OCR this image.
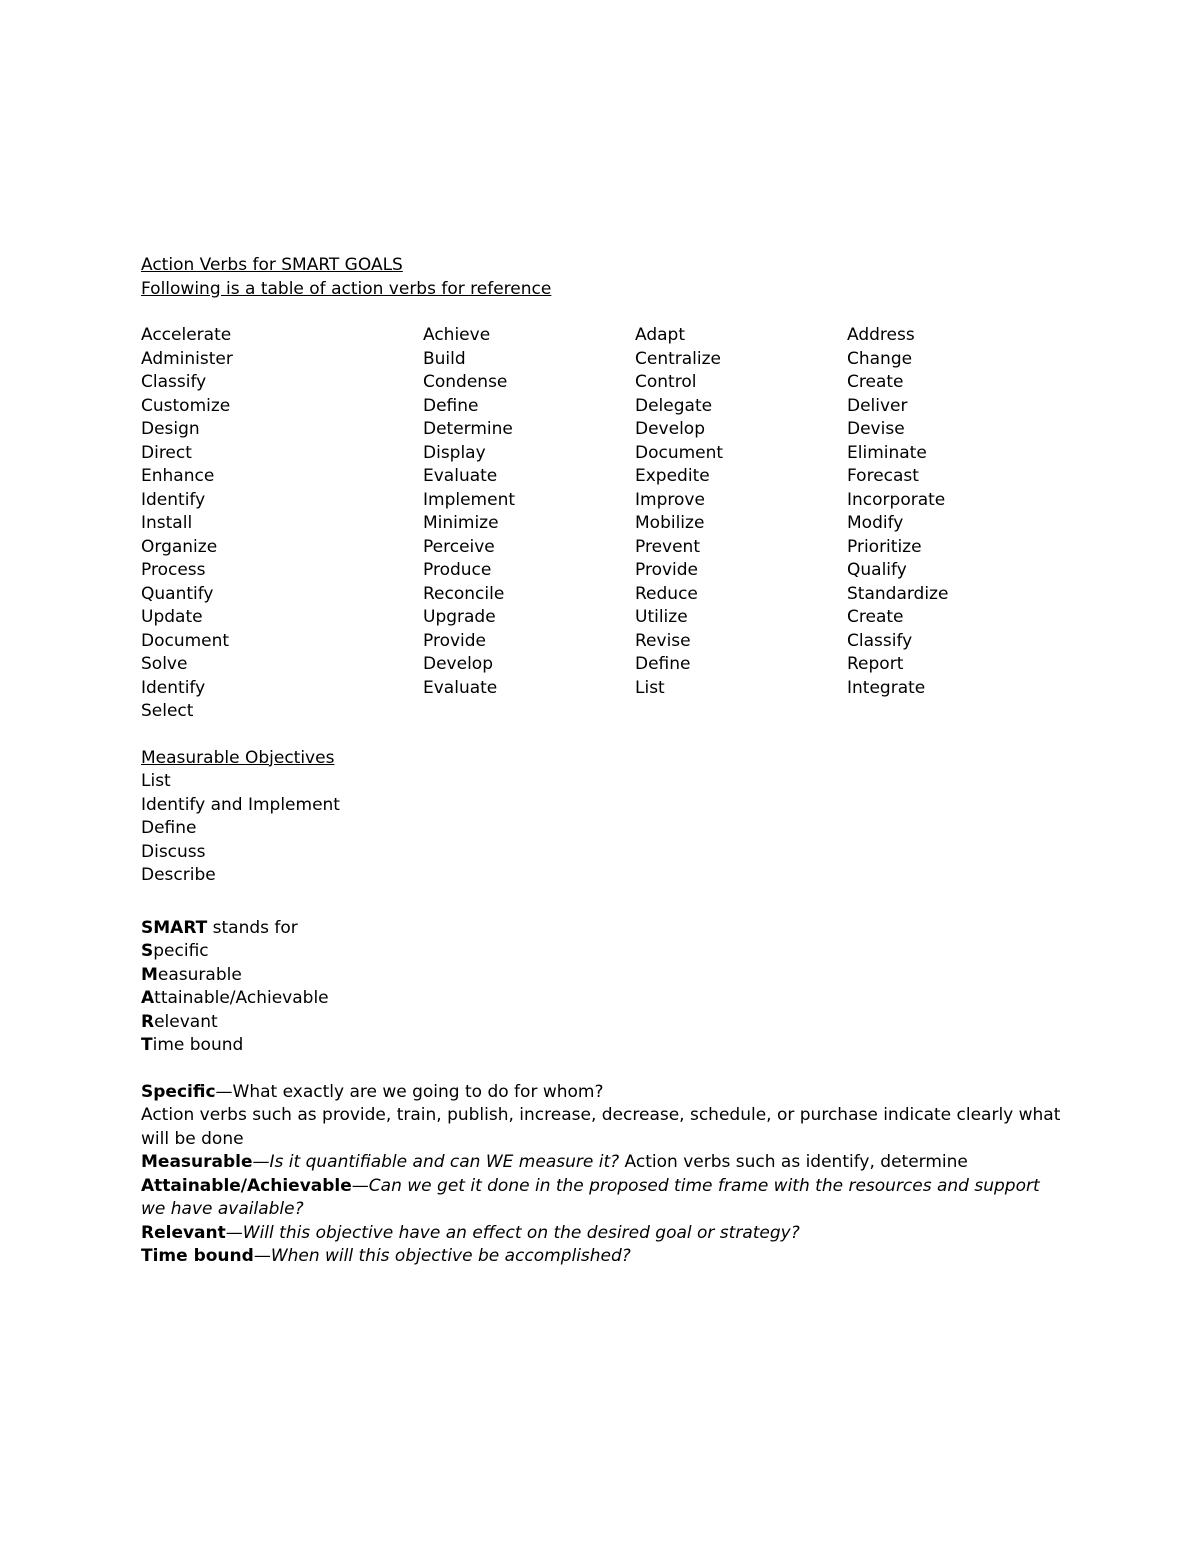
Action Verbs for SMART GOALS
Following is a table of action verbs for reference
Accelerate
Administer
Classify
Customize
Design
Direct
Enhance
Identify
Install
Organize
Process
Quantify
Update
Document
Solve
Identify
Select
Achieve
Build
Condense
Define
Determine
Display
Evaluate
Implement
Minimize
Perceive
Produce
Reconcile
Upgrade
Provide
Develop
Evaluate
Adapt
Centralize
Control
Delegate
Develop
Document
Expedite
Improve
Mobilize
Prevent
Provide
Reduce
Utilize
Revise
Define
List
Address
Change
Create
Deliver
Devise
Eliminate
Forecast
Incorporate
Modify
Prioritize
Qualify
Standardize
Create
Classify
Report
Integrate
Measurable Objectives
List
Identify and Implement
Define
Discuss
Describe
SMART stands for
Specific
Measurable
Attainable/Achievable
Relevant
Time bound
Specific—What exactly are we going to do for whom?
Action verbs such as provide, train, publish, increase, decrease, schedule, or purchase indicate clearly what will be done
Measurable—Is it quantifiable and can WE measure it? Action verbs such as identify, determine
Attainable/Achievable—Can we get it done in the proposed time frame with the resources and support we have available?
Relevant—Will this objective have an effect on the desired goal or strategy?
Time bound—When will this objective be accomplished?
